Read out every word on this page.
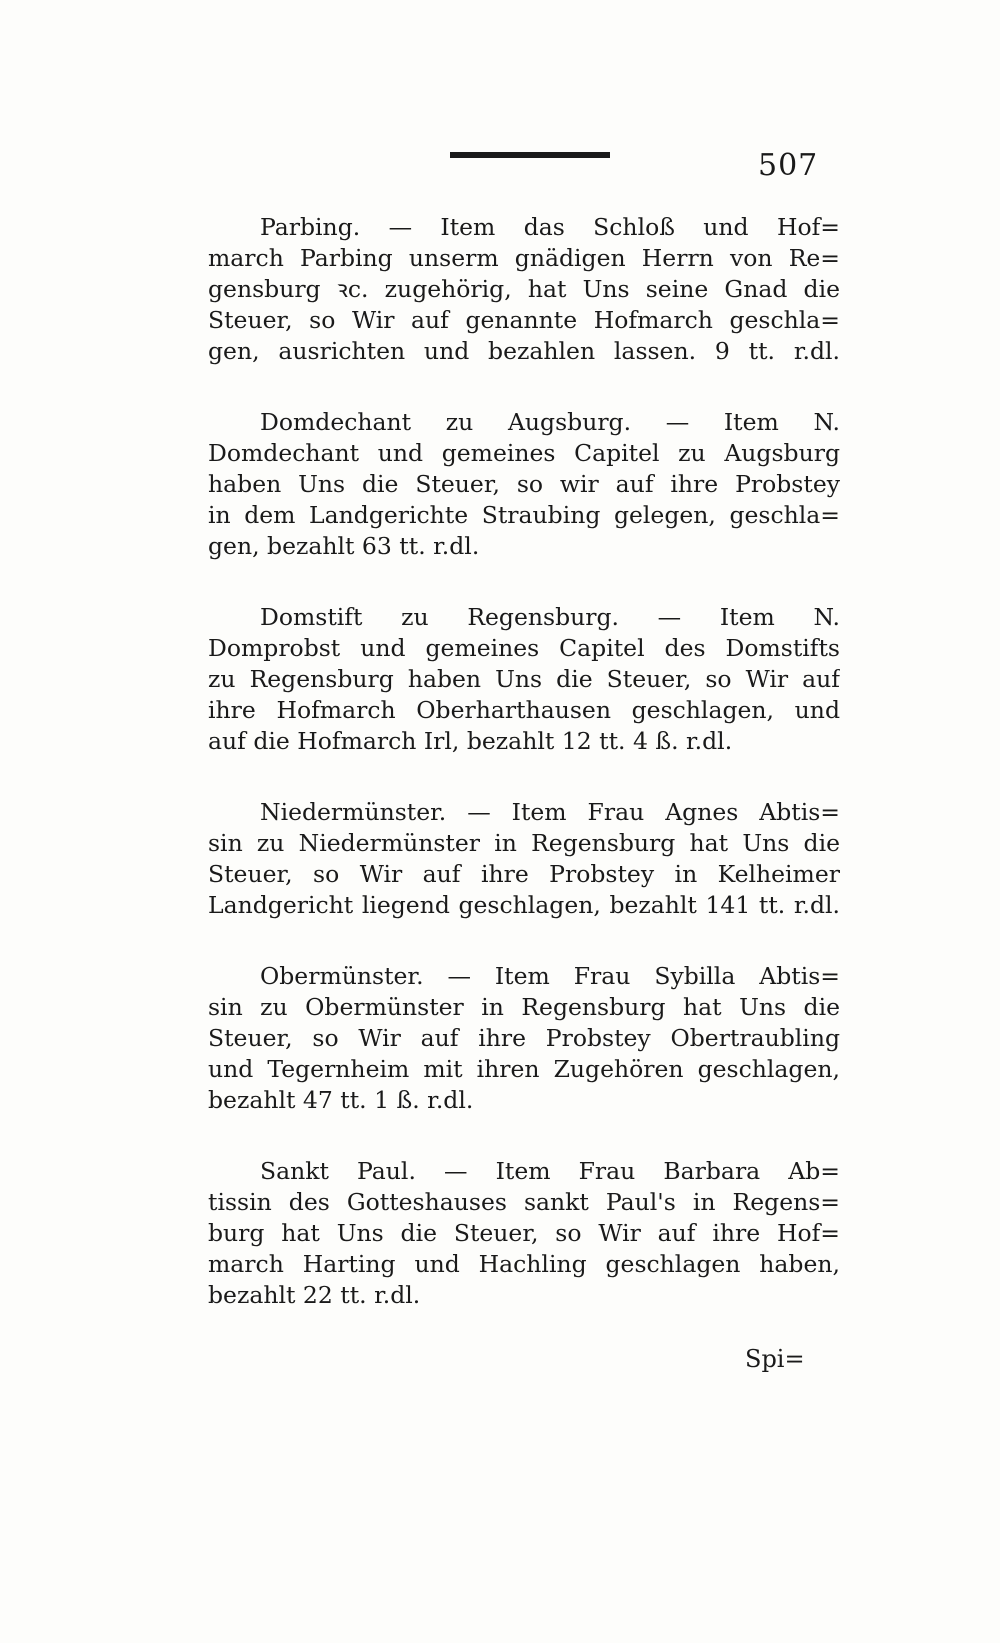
507
Parbing. — Item das Schloß und Hof=
march Parbing unserm gnädigen Herrn von Re=
gensburg ꝛc. zugehörig, hat Uns seine Gnad die
Steuer, so Wir auf genannte Hofmarch geschla=
gen, ausrichten und bezahlen lassen. 9 tt. r.dl.
Domdechant zu Augsburg. — Item N.
Domdechant und gemeines Capitel zu Augsburg
haben Uns die Steuer, so wir auf ihre Probstey
in dem Landgerichte Straubing gelegen, geschla=
gen, bezahlt 63 tt. r.dl.
Domstift zu Regensburg. — Item N.
Domprobst und gemeines Capitel des Domstifts
zu Regensburg haben Uns die Steuer, so Wir auf
ihre Hofmarch Oberharthausen geschlagen, und
auf die Hofmarch Irl, bezahlt 12 tt. 4 ß. r.dl.
Niedermünster. — Item Frau Agnes Abtis=
sin zu Niedermünster in Regensburg hat Uns die
Steuer, so Wir auf ihre Probstey in Kelheimer
Landgericht liegend geschlagen, bezahlt 141 tt. r.dl.
Obermünster. — Item Frau Sybilla Abtis=
sin zu Obermünster in Regensburg hat Uns die
Steuer, so Wir auf ihre Probstey Obertraubling
und Tegernheim mit ihren Zugehören geschlagen,
bezahlt 47 tt. 1 ß. r.dl.
Sankt Paul. — Item Frau Barbara Ab=
tissin des Gotteshauses sankt Paul's in Regens=
burg hat Uns die Steuer, so Wir auf ihre Hof=
march Harting und Hachling geschlagen haben,
bezahlt 22 tt. r.dl.
Spi=
